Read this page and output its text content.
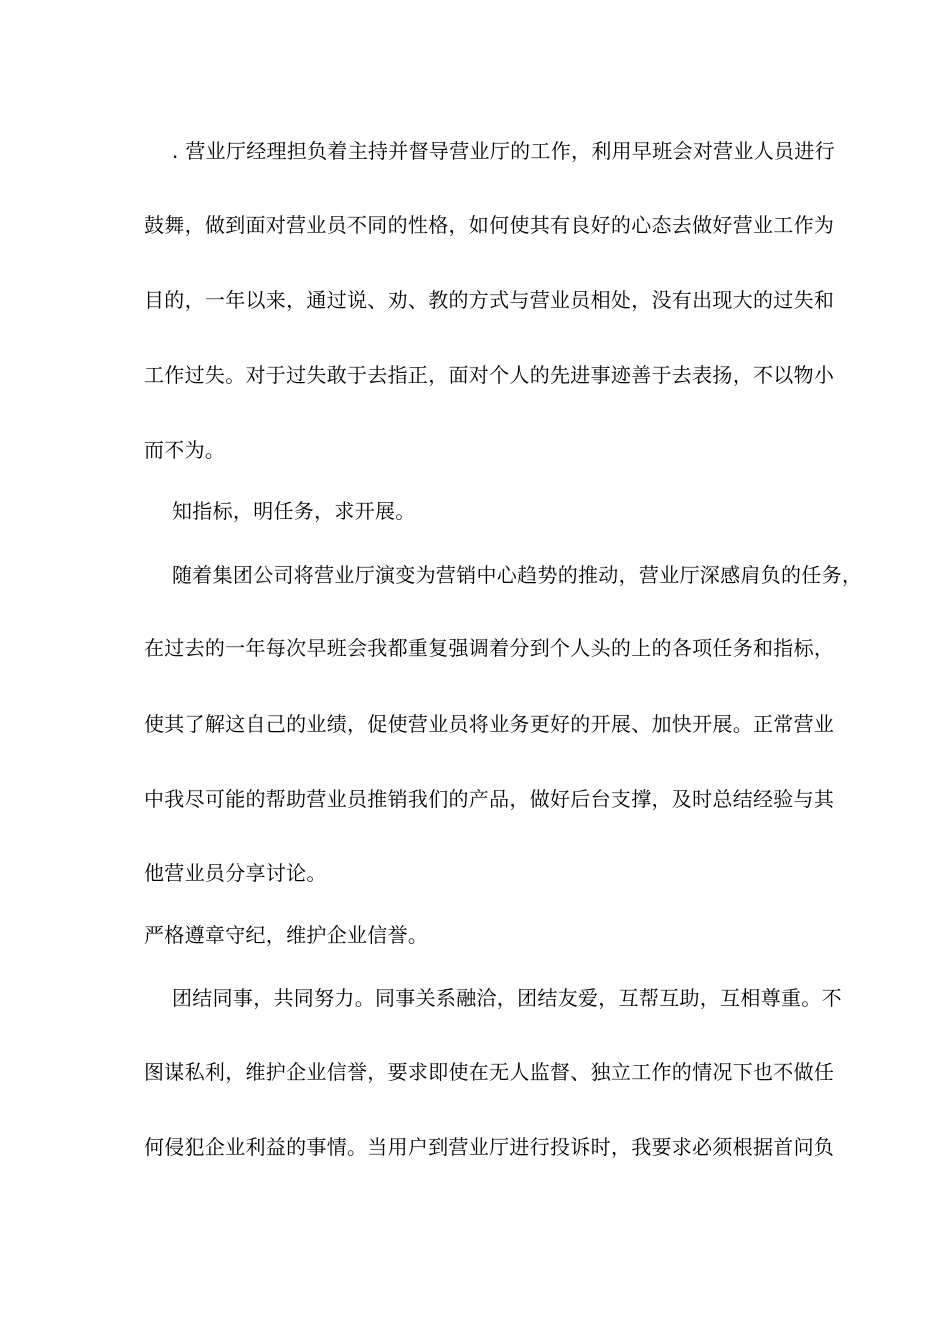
. 营业厅经理担负着主持并督导营业厅的工作，利用早班会对营业人员进行
鼓舞，做到面对营业员不同的性格，如何使其有良好的心态去做好营业工作为
目的，一年以来，通过说、劝、教的方式与营业员相处，没有出现大的过失和
工作过失。对于过失敢于去指正，面对个人的先进事迹善于去表扬，不以物小
而不为。
知指标，明任务，求开展。
随着集团公司将营业厅演变为营销中心趋势的推动，营业厅深感肩负的任务，
在过去的一年每次早班会我都重复强调着分到个人头的上的各项任务和指标，
使其了解这自己的业绩，促使营业员将业务更好的开展、加快开展。正常营业
中我尽可能的帮助营业员推销我们的产品，做好后台支撑，及时总结经验与其
他营业员分享讨论。
严格遵章守纪，维护企业信誉。
团结同事，共同努力。同事关系融洽，团结友爱，互帮互助，互相尊重。不
图谋私利，维护企业信誉，要求即使在无人监督、独立工作的情况下也不做任
何侵犯企业利益的事情。当用户到营业厅进行投诉时，我要求必须根据首问负
